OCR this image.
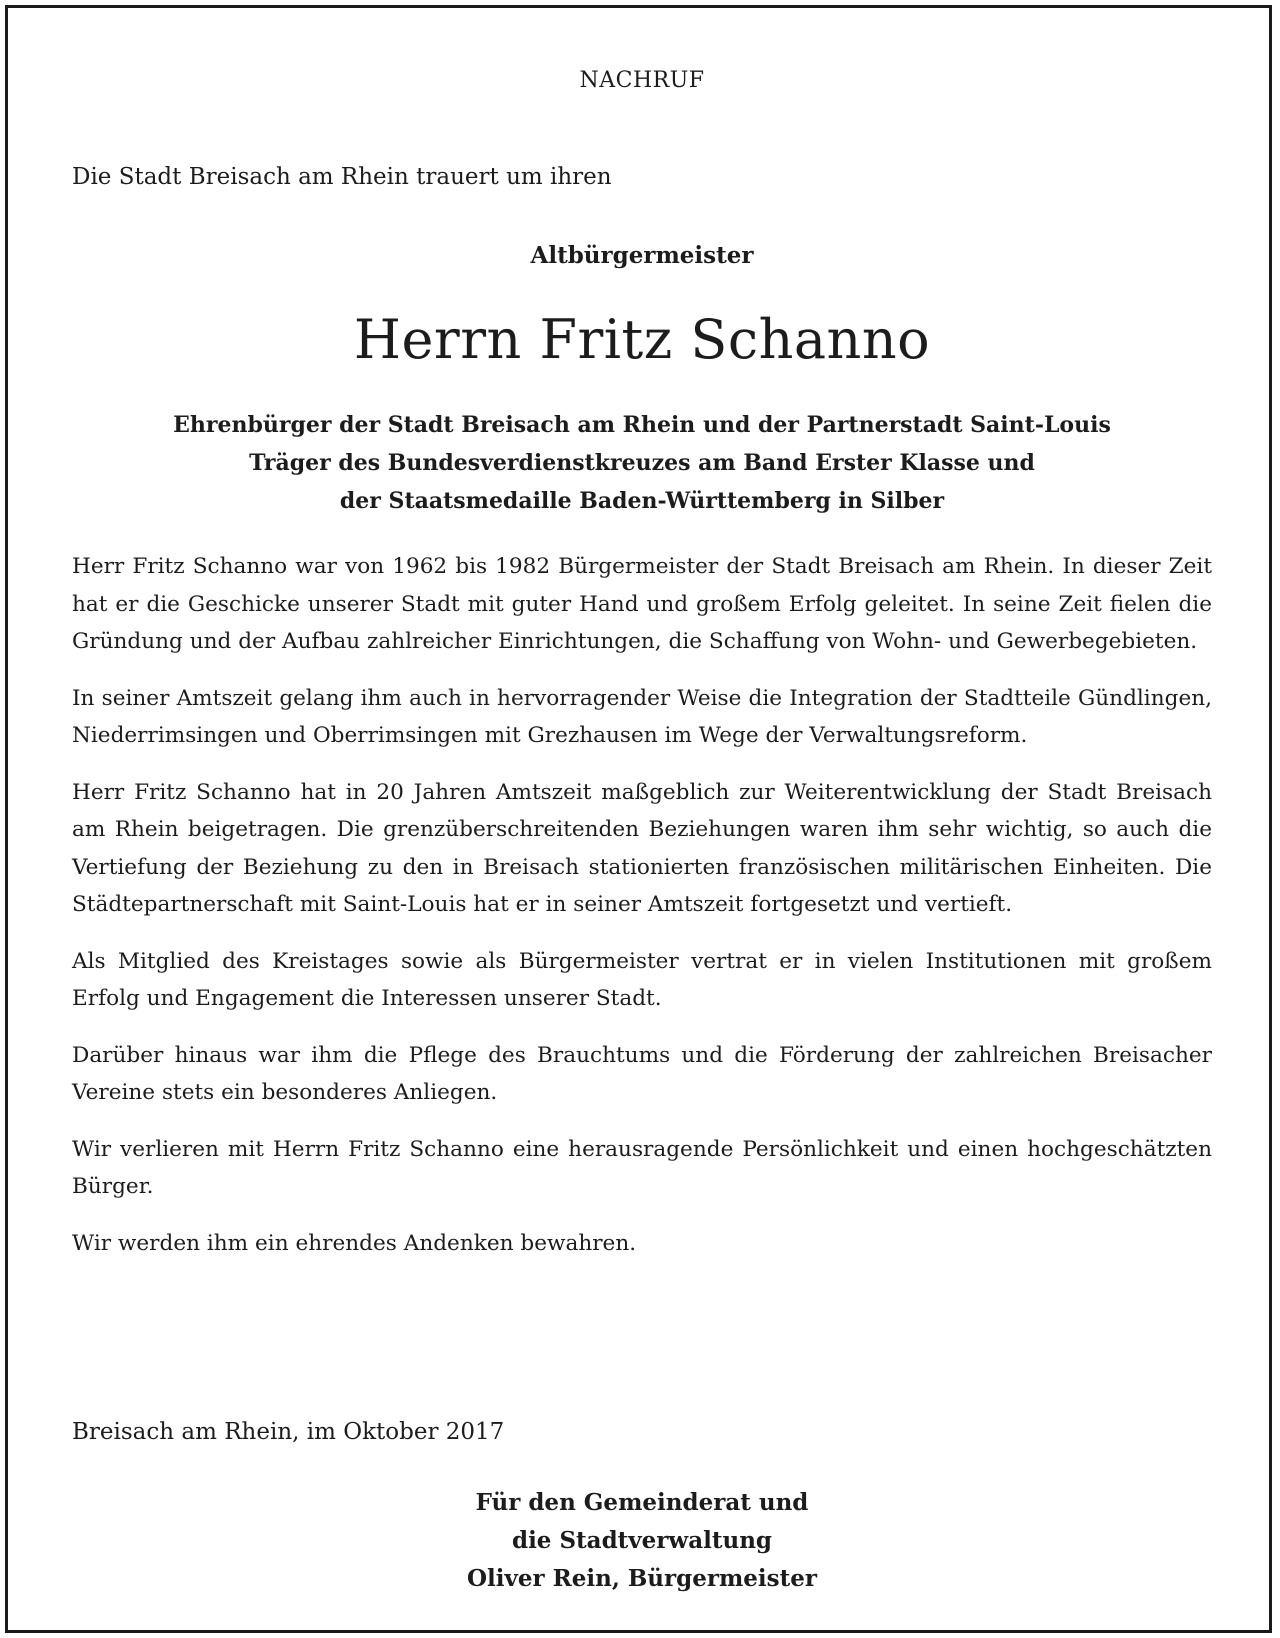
NACHRUF
Die Stadt Breisach am Rhein trauert um ihren
Altbürgermeister
Herrn Fritz Schanno
Ehrenbürger der Stadt Breisach am Rhein und der Partnerstadt Saint-Louis
Träger des Bundesverdienstkreuzes am Band Erster Klasse und
der Staatsmedaille Baden-Württemberg in Silber

Herr Fritz Schanno war von 1962 bis 1982 Bürgermeister der Stadt Breisach am Rhein. In dieser Zeit hat er die Geschicke unserer Stadt mit guter Hand und großem Erfolg geleitet. In seine Zeit fielen die Gründung und der Aufbau zahlreicher Einrichtungen, die Schaffung von Wohn- und Gewerbegebieten.

In seiner Amtszeit gelang ihm auch in hervorragender Weise die Integration der Stadtteile Gündlingen, Niederrimsingen und Oberrimsingen mit Grezhausen im Wege der Verwaltungsreform.

Herr Fritz Schanno hat in 20 Jahren Amtszeit maßgeblich zur Weiterentwicklung der Stadt Breisach am Rhein beigetragen. Die grenzüberschreitenden Beziehungen waren ihm sehr wichtig, so auch die Vertiefung der Beziehung zu den in Breisach stationierten französischen militärischen Einheiten. Die Städtepartnerschaft mit Saint-Louis hat er in seiner Amtszeit fortgesetzt und vertieft.

Als Mitglied des Kreistages sowie als Bürgermeister vertrat er in vielen Institutionen mit großem Erfolg und Engagement die Interessen unserer Stadt.

Darüber hinaus war ihm die Pflege des Brauchtums und die Förderung der zahlreichen Breisacher Vereine stets ein besonderes Anliegen.

Wir verlieren mit Herrn Fritz Schanno eine herausragende Persönlichkeit und einen hochgeschätzten Bürger.

Wir werden ihm ein ehrendes Andenken bewahren.

Breisach am Rhein, im Oktober 2017
Für den Gemeinderat und
die Stadtverwaltung
Oliver Rein, Bürgermeister
